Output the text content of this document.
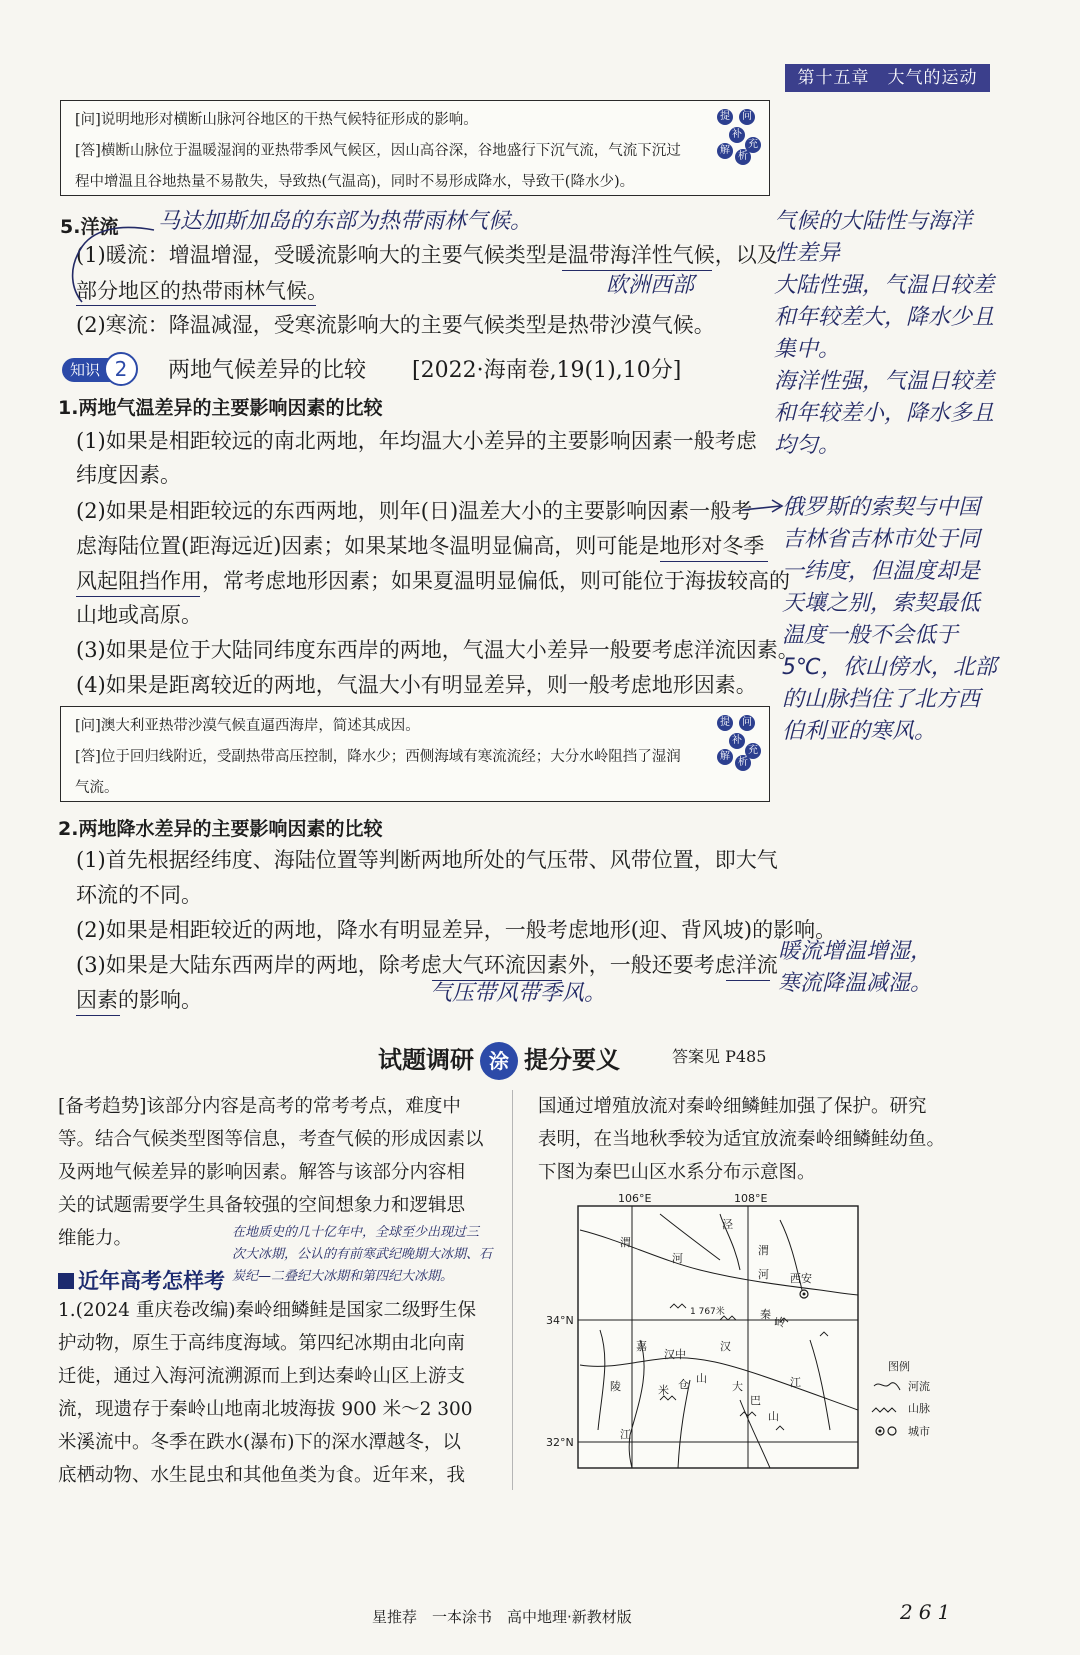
第十五章　大气的运动
[问]说明地形对横断山脉河谷地区的干热气候特征形成的影响。
[答]横断山脉位于温暖湿润的亚热带季风气候区，因山高谷深，谷地盛行下沉气流，气流下沉过
程中增温且谷地热量不易散失，导致热(气温高)，同时不易形成降水，导致干(降水少)。
提	问
补
充
解
析
5.洋流 马达加斯加岛的东部为热带雨林气候。
(1)暖流：增温增湿，受暖流影响大的主要气候类型是温带海洋性气候，以及
部分地区的热带雨林气候。	欧洲西部
(2)寒流：降温减湿，受寒流影响大的主要气候类型是热带沙漠气候。
知识 2	两地气候差异的比较 [2022·海南卷,19(1),10分]
1.两地气温差异的主要影响因素的比较
(1)如果是相距较远的南北两地，年均温大小差异的主要影响因素一般考虑
纬度因素。
(2)如果是相距较远的东西两地，则年(日)温差大小的主要影响因素一般考
虑海陆位置(距海远近)因素；如果某地冬温明显偏高，则可能是地形对冬季
风起阻挡作用，常考虑地形因素；如果夏温明显偏低，则可能位于海拔较高的
山地或高原。
(3)如果是位于大陆同纬度东西岸的两地，气温大小差异一般要考虑洋流因素。
(4)如果是距离较近的两地，气温大小有明显差异，则一般考虑地形因素。
[问]澳大利亚热带沙漠气候直逼西海岸，简述其成因。
[答]位于回归线附近，受副热带高压控制，降水少；西侧海域有寒流流经；大分水岭阻挡了湿润
气流。
提	问
补
充
解
析
2.两地降水差异的主要影响因素的比较
(1)首先根据经纬度、海陆位置等判断两地所处的气压带、风带位置，即大气
环流的不同。
(2)如果是相距较近的两地，降水有明显差异，一般考虑地形(迎、背风坡)的影响。
(3)如果是大陆东西两岸的两地，除考虑大气环流因素外，一般还要考虑洋流
因素的影响。	气压带风带季风。
气候的大陆性与海洋
性差异
大陆性强，气温日较差
和年较差大，降水少且
集中。
海洋性强，气温日较差
和年较差小，降水多且
均匀。
俄罗斯的索契与中国
吉林省吉林市处于同
一纬度，但温度却是
天壤之别，索契最低
温度一般不会低于
5℃，依山傍水，北部
的山脉挡住了北方西
伯利亚的寒风。
暖流增温增湿，
寒流降温减湿。
试题调研 涂 提分要义	答案见 P485
[备考趋势]该部分内容是高考的常考考点，难度中
等。结合气候类型图等信息，考查气候的形成因素以
及两地气候差异的影响因素。解答与该部分内容相
关的试题需要学生具备较强的空间想象力和逻辑思
维能力。	在地质史的几十亿年中，全球至少出现过三
次大冰期，公认的有前寒武纪晚期大冰期、石
炭纪—二叠纪大冰期和第四纪大冰期。
近年高考怎样考
1.(2024 重庆卷改编)秦岭细鳞鲑是国家二级野生保
护动物，原生于高纬度海域。第四纪冰期由北向南
迁徙，通过入海河流溯源而上到达秦岭山区上游支
流，现遗存于秦岭山地南北坡海拔 900 米～2 300
米溪流中。冬季在跌水(瀑布)下的深水潭越冬，以
底栖动物、水生昆虫和其他鱼类为食。近年来，我
国通过增殖放流对秦岭细鳞鲑加强了保护。研究
表明，在当地秋季较为适宜放流秦岭细鳞鲑幼鱼。
下图为秦巴山区水系分布示意图。
106°E	108°E
34°N
32°N
西安
1 767米
渭
河
泾
渭
河
秦
岭
汉
江
汉中
嘉
陵
江
米 仓 山
大
巴
山
图例
河流
山脉
城市
星推荐　一本涂书　高中地理·新教材版	261
